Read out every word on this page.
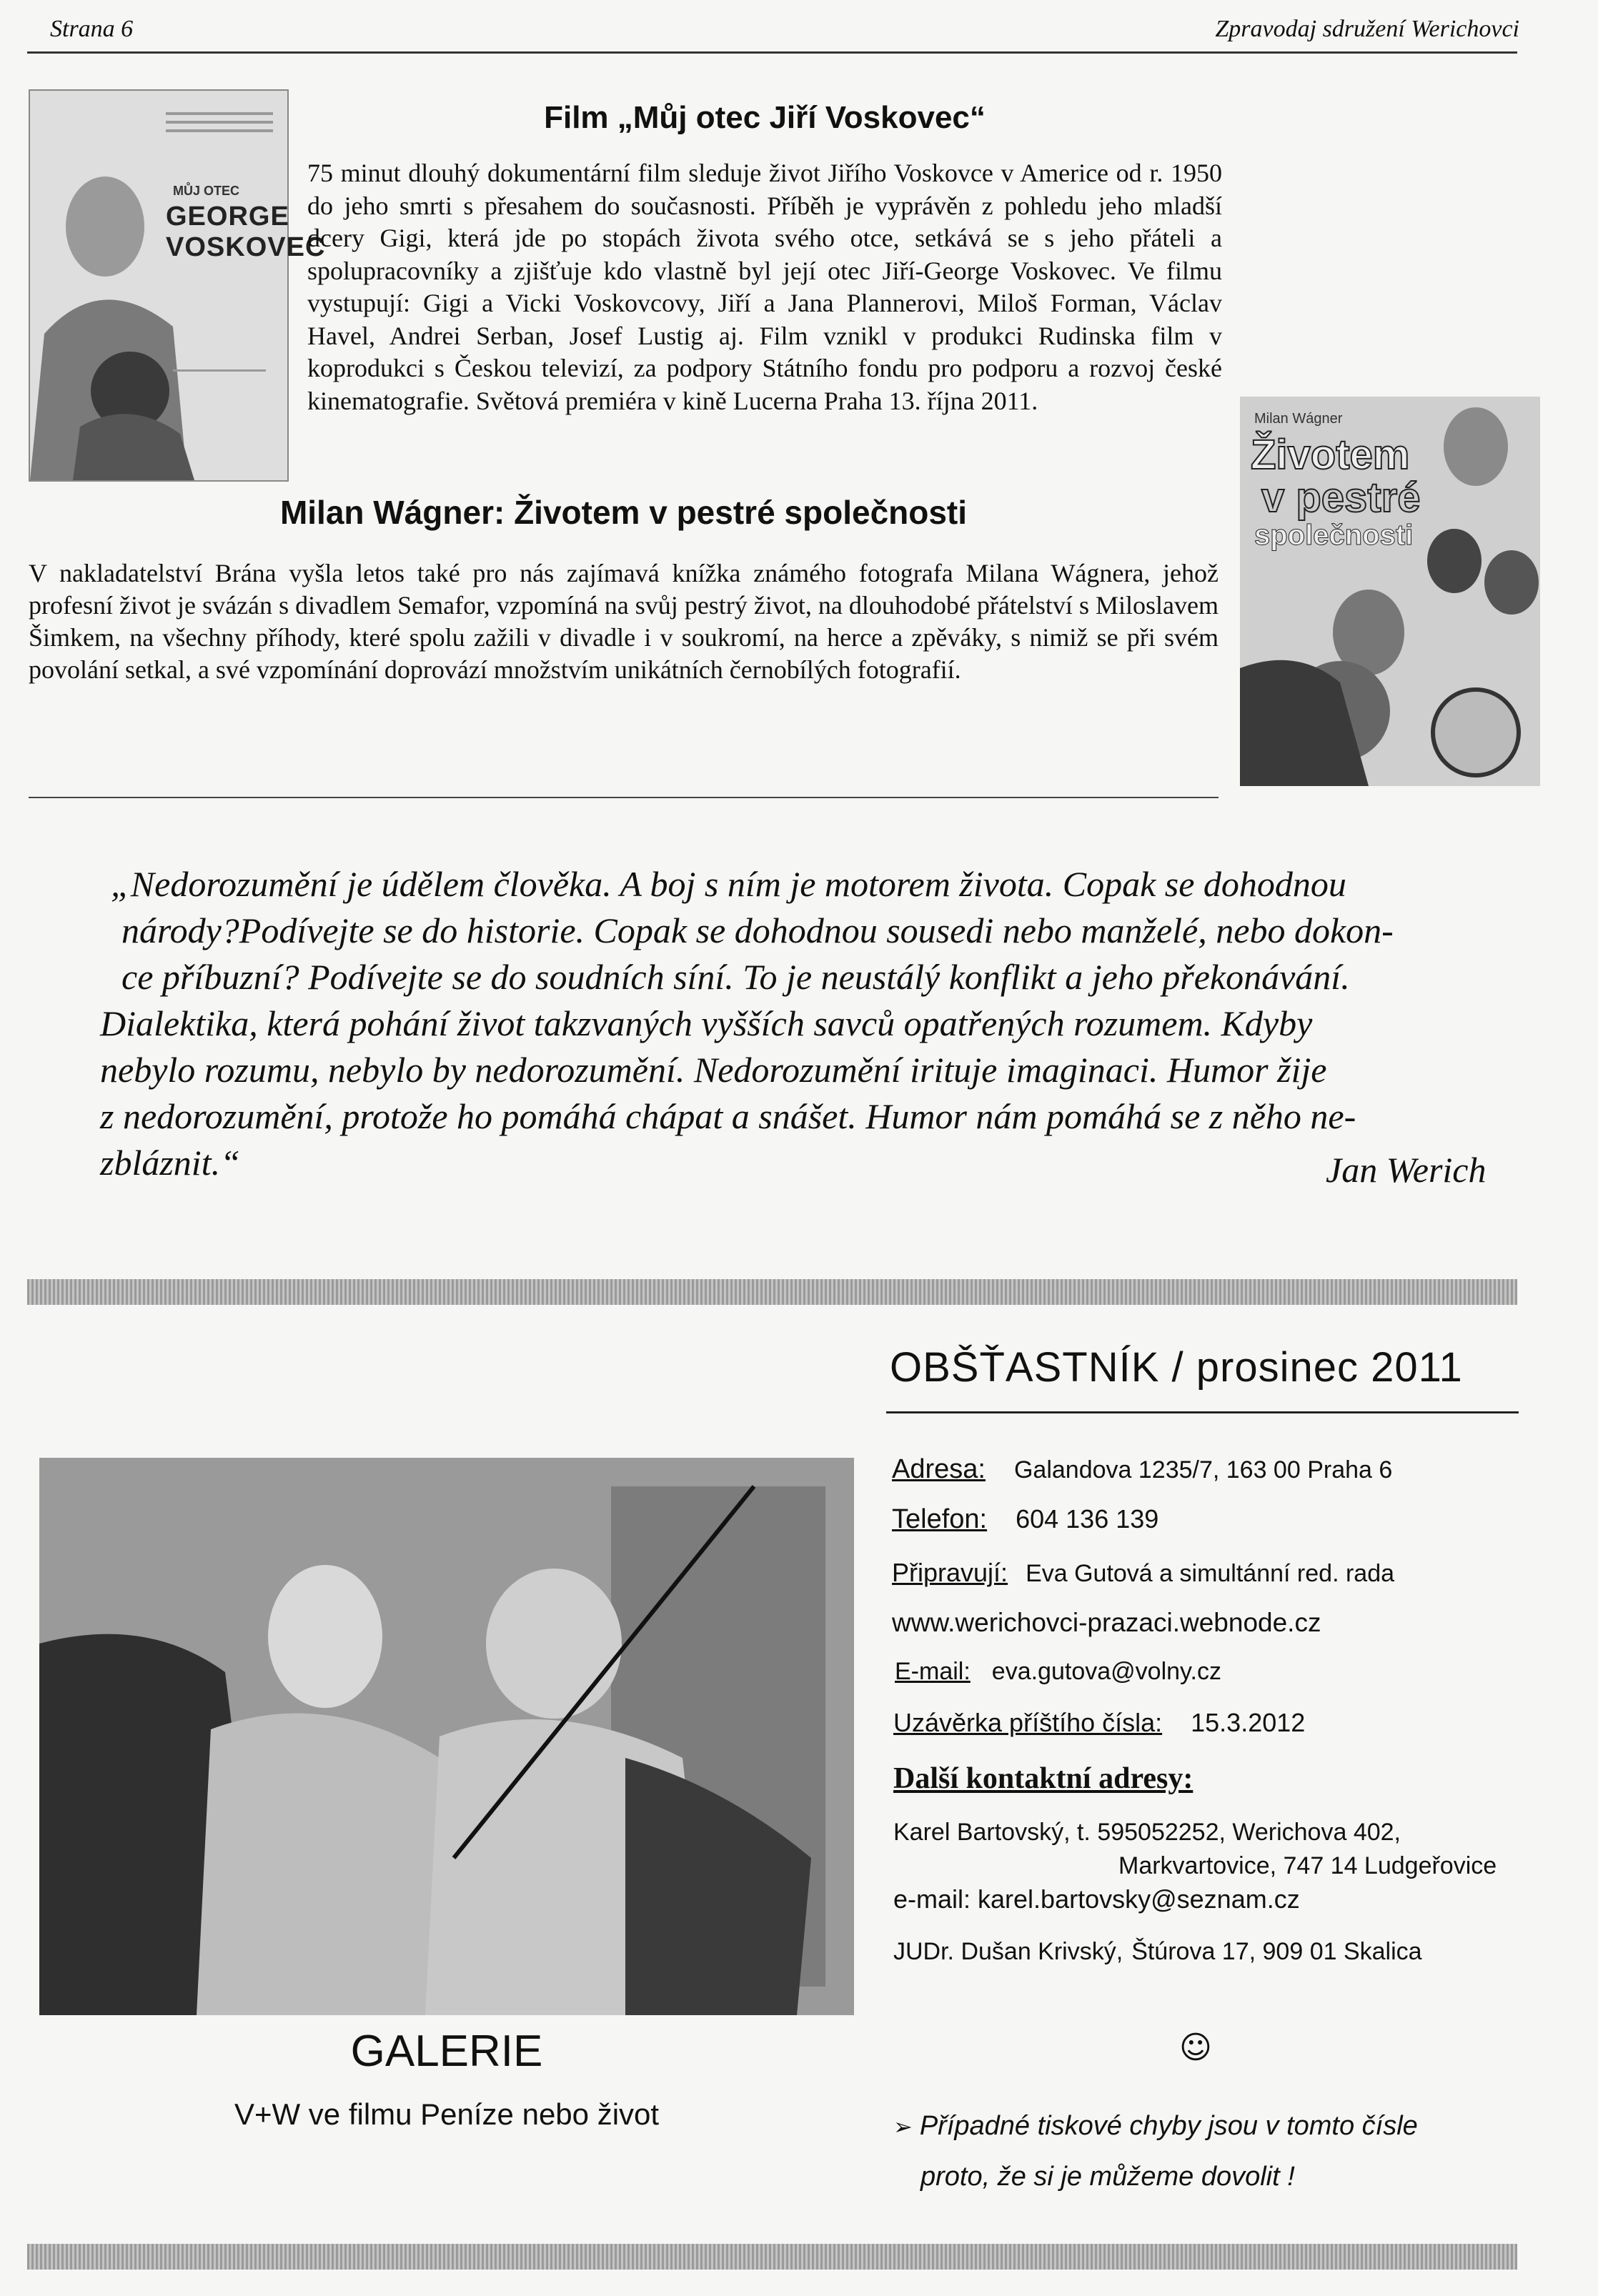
Strana 6	Zpravodaj sdružení Werichovci
MŮJ OTEC
GEORGE
VOSKOVEC
Film „Můj otec Jiří Voskovec“
75 minut dlouhý dokumentární film sleduje život Jiřího Voskovce v Americe od r. 1950 do jeho smrti s přesahem do současnosti. Příběh je vyprávěn z pohledu jeho mladší dcery Gigi, která jde po stopách života svého otce, setkává se s jeho přáteli a spolupracovníky a zjišťuje kdo vlastně byl její otec Jiří-George Voskovec. Ve filmu vystupují: Gigi a Vicki Voskovcovy, Jiří a Jana Plannerovi, Miloš Forman, Václav Havel, Andrei Serban, Josef Lustig aj. Film vznikl v produkci Rudinska film v koprodukci s Českou televizí, za podpory Státního fondu pro podporu a rozvoj české kinematografie. Světová premiéra v kině Lucerna Praha 13. října 2011.
Milan Wágner
Životem
v pestré
společnosti
Milan Wágner: Životem v pestré společnosti
V nakladatelství Brána vyšla letos také pro nás zajímavá knížka známého fotografa Milana Wágnera, jehož profesní život je svázán s divadlem Semafor, vzpomíná na svůj pestrý život, na dlouhodobé přátelství s Miloslavem Šimkem, na všechny příhody, které spolu zažili v divadle i v soukromí, na herce a zpěváky, s nimiž se při svém povolání setkal, a své vzpomínání doprovází množstvím unikátních černobílých fotografií.
„Nedorozumění je údělem člověka. A boj s ním je motorem života. Copak se dohodnou
národy?Podívejte se do historie. Copak se dohodnou sousedi nebo manželé, nebo dokon-
ce příbuzní? Podívejte se do soudních síní. To je neustálý konflikt a jeho překonávání.
Dialektika, která pohání život takzvaných vyšších savců opatřených rozumem. Kdyby
nebylo rozumu, nebylo by nedorozumění. Nedorozumění irituje imaginaci. Humor žije
z nedorozumění, protože ho pomáhá chápat a snášet. Humor nám pomáhá se z něho ne-
zbláznit.“	Jan Werich
GALERIE
V+W ve filmu Peníze nebo život
OBŠŤASTNÍK / prosinec 2011
Adresa: Galandova 1235/7, 163 00 Praha 6
Telefon: 604 136 139
Připravují: Eva Gutová a simultánní red. rada
www.werichovci-prazaci.webnode.cz
E-mail: eva.gutova@volny.cz
Uzávěrka příštího čísla: 15.3.2012
Další kontaktní adresy:
Karel Bartovský, t. 595052252, Werichova 402,
Markvartovice, 747 14 Ludgeřovice
e-mail: karel.bartovsky@seznam.cz
JUDr. Dušan Krivský, Štúrova 17, 909 01 Skalica
☺
➢ Případné tiskové chyby jsou v tomto čísle
proto, že si je můžeme dovolit !
